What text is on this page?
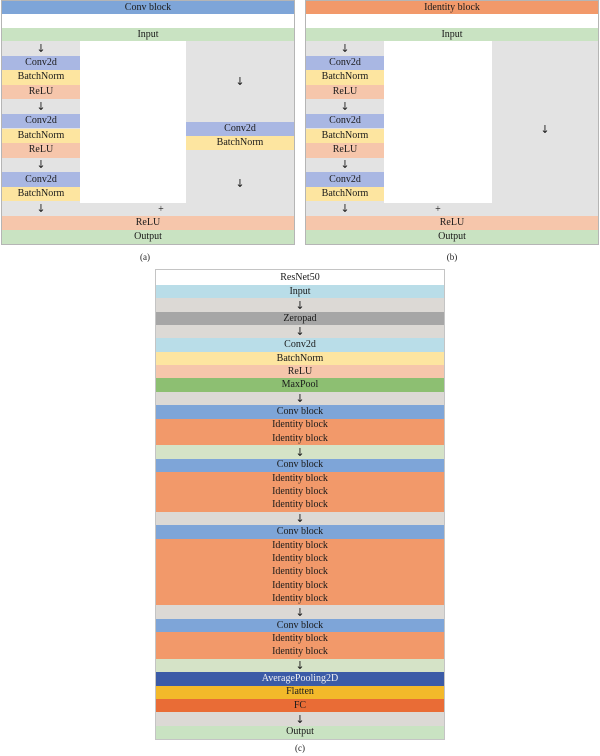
Conv block
Input
↓
Conv2d
BatchNorm
ReLU
↓
Conv2d
BatchNorm
ReLU
↓
Conv2d
BatchNorm
↓
↓
Conv2d
BatchNorm
↓
+
ReLU
Output
(a)
Identity block
Input
↓
Conv2d
BatchNorm
ReLU
↓
Conv2d
BatchNorm
ReLU
↓
Conv2d
BatchNorm
↓
↓
+
ReLU
Output
(b)
ResNet50
Input
↓
Zeropad
↓
Conv2d
BatchNorm
ReLU
MaxPool
↓
Conv block
Identity block
Identity block
↓
Conv block
Identity block
Identity block
Identity block
↓
Conv block
Identity block
Identity block
Identity block
Identity block
Identity block
↓
Conv block
Identity block
Identity block
↓
AveragePooling2D
Flatten
FC
↓
Output
(c)
